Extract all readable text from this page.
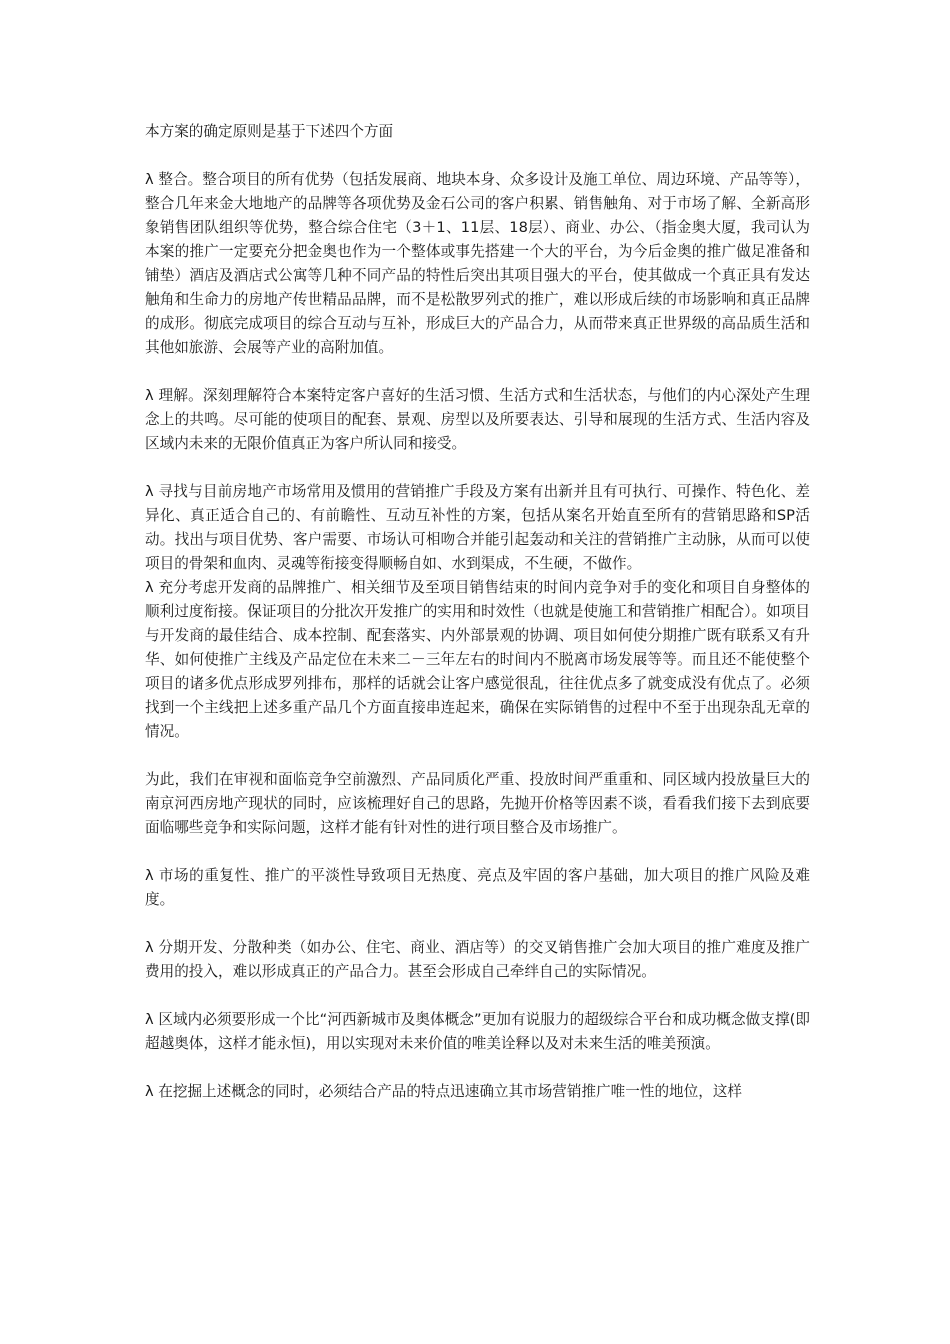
本方案的确定原则是基于下述四个方面

λ 整合。整合项目的所有优势（包括发展商、地块本身、众多设计及施工单位、周边环境、产品等等），整合几年来金大地地产的品牌等各项优势及金石公司的客户积累、销售触角、对于市场了解、全新高形象销售团队组织等优势，整合综合住宅（3＋1、11层、18层）、商业、办公、（指金奥大厦，我司认为本案的推广一定要充分把金奥也作为一个整体或事先搭建一个大的平台，为今后金奥的推广做足准备和铺垫）酒店及酒店式公寓等几种不同产品的特性后突出其项目强大的平台，使其做成一个真正具有发达触角和生命力的房地产传世精品品牌，而不是松散罗列式的推广，难以形成后续的市场影响和真正品牌的成形。彻底完成项目的综合互动与互补，形成巨大的产品合力，从而带来真正世界级的高品质生活和其他如旅游、会展等产业的高附加值。

λ 理解。深刻理解符合本案特定客户喜好的生活习惯、生活方式和生活状态，与他们的内心深处产生理念上的共鸣。尽可能的使项目的配套、景观、房型以及所要表达、引导和展现的生活方式、生活内容及区域内未来的无限价值真正为客户所认同和接受。

λ 寻找与目前房地产市场常用及惯用的营销推广手段及方案有出新并且有可执行、可操作、特色化、差异化、真正适合自己的、有前瞻性、互动互补性的方案，包括从案名开始直至所有的营销思路和SP活动。找出与项目优势、客户需要、市场认可相吻合并能引起轰动和关注的营销推广主动脉，从而可以使项目的骨架和血肉、灵魂等衔接变得顺畅自如、水到渠成，不生硬，不做作。

λ 充分考虑开发商的品牌推广、相关细节及至项目销售结束的时间内竞争对手的变化和项目自身整体的顺利过度衔接。保证项目的分批次开发推广的实用和时效性（也就是使施工和营销推广相配合）。如项目与开发商的最佳结合、成本控制、配套落实、内外部景观的协调、项目如何使分期推广既有联系又有升华、如何使推广主线及产品定位在未来二－三年左右的时间内不脱离市场发展等等。而且还不能使整个项目的诸多优点形成罗列排布，那样的话就会让客户感觉很乱，往往优点多了就变成没有优点了。必须找到一个主线把上述多重产品几个方面直接串连起来，确保在实际销售的过程中不至于出现杂乱无章的情况。

为此，我们在审视和面临竞争空前激烈、产品同质化严重、投放时间严重重和、同区域内投放量巨大的南京河西房地产现状的同时，应该梳理好自己的思路，先抛开价格等因素不谈，看看我们接下去到底要面临哪些竞争和实际问题，这样才能有针对性的进行项目整合及市场推广。

λ 市场的重复性、推广的平淡性导致项目无热度、亮点及牢固的客户基础，加大项目的推广风险及难度。

λ 分期开发、分散种类（如办公、住宅、商业、酒店等）的交叉销售推广会加大项目的推广难度及推广费用的投入，难以形成真正的产品合力。甚至会形成自己牵绊自己的实际情况。

λ 区域内必须要形成一个比“河西新城市及奥体概念”更加有说服力的超级综合平台和成功概念做支撑(即超越奥体，这样才能永恒)，用以实现对未来价值的唯美诠释以及对未来生活的唯美预演。

λ 在挖掘上述概念的同时，必须结合产品的特点迅速确立其市场营销推广唯一性的地位，这样
